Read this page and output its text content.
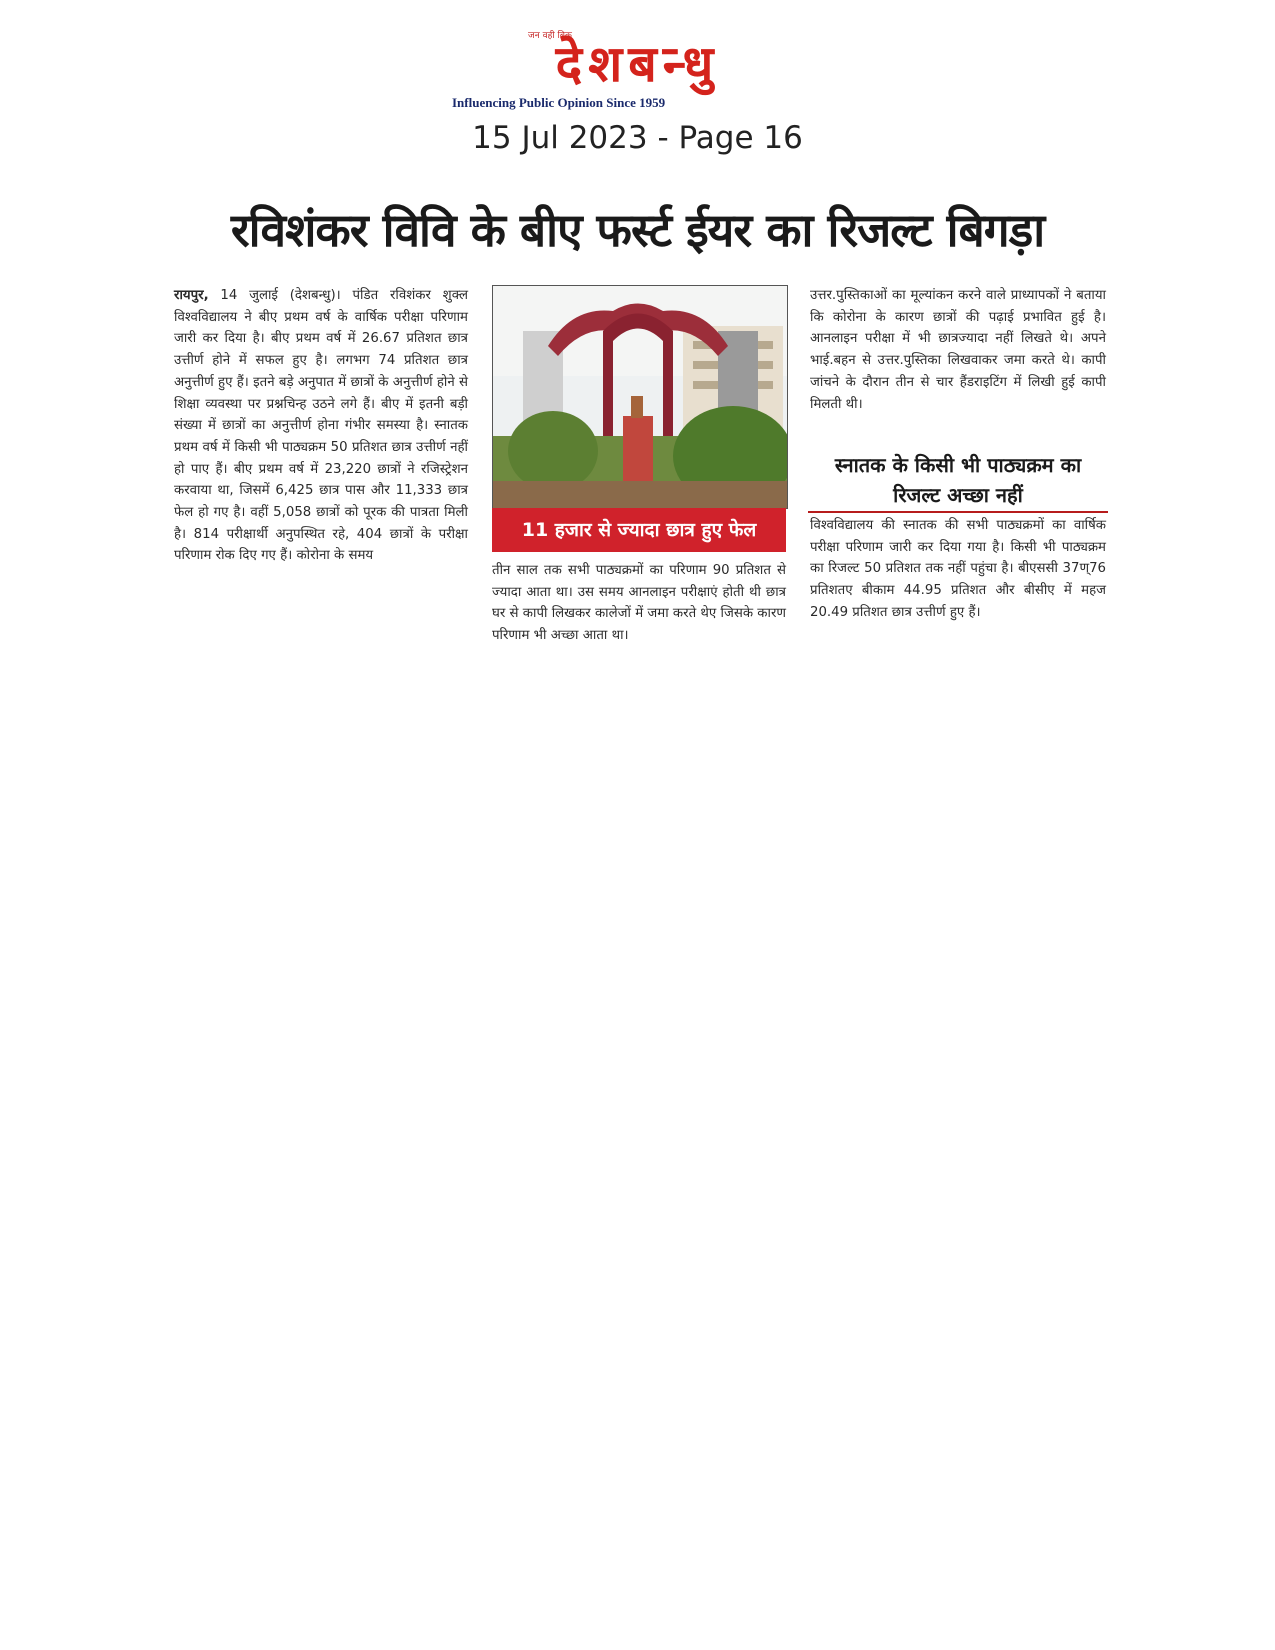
जन वही बिक
देशबन्धु
Influencing Public Opinion Since 1959
15 Jul 2023 - Page 16
रविशंकर विवि के बीए फर्स्ट ईयर का रिजल्ट बिगड़ा
रायपुर, 14 जुलाई (देशबन्धु)। पंडित रविशंकर शुक्ल विश्वविद्यालय ने बीए प्रथम वर्ष के वार्षिक परीक्षा परिणाम जारी कर दिया है। बीए प्रथम वर्ष में 26.67 प्रतिशत छात्र उत्तीर्ण होने में सफल हुए है। लगभग 74 प्रतिशत छात्र अनुत्तीर्ण हुए हैं। इतने बड़े अनुपात में छात्रों के अनुत्तीर्ण होने से शिक्षा व्यवस्था पर प्रश्नचिन्ह उठने लगे हैं। बीए में इतनी बड़ी संख्या में छात्रों का अनुत्तीर्ण होना गंभीर समस्या है। स्नातक प्रथम वर्ष में किसी भी पाठ्यक्रम 50 प्रतिशत छात्र उत्तीर्ण नहीं हो पाए हैं। बीए प्रथम वर्ष में 23,220 छात्रों ने रजिस्ट्रेशन करवाया था, जिसमें 6,425 छात्र पास और 11,333 छात्र फेल हो गए है। वहीं 5,058 छात्रों को पूरक की पात्रता मिली है। 814 परीक्षार्थी अनुपस्थित रहे, 404 छात्रों के परीक्षा परिणाम रोक दिए गए हैं। कोरोना के समय
11 हजार से ज्यादा छात्र हुए फेल
तीन साल तक सभी पाठ्यक्रमों का परिणाम 90 प्रतिशत से ज्यादा आता था। उस समय आनलाइन परीक्षाएं होती थी छात्र घर से कापी लिखकर कालेजों में जमा करते थेए जिसके कारण परिणाम भी अच्छा आता था।
उत्तर.पुस्तिकाओं का मूल्यांकन करने वाले प्राध्यापकों ने बताया कि कोरोना के कारण छात्रों की पढ़ाई प्रभावित हुई है। आनलाइन परीक्षा में भी छात्रज्यादा नहीं लिखते थे। अपने भाई.बहन से उत्तर.पुस्तिका लिखवाकर जमा करते थे। कापी जांचने के दौरान तीन से चार हैंडराइटिंग में लिखी हुई कापी मिलती थी।
स्नातक के किसी भी पाठ्यक्रम का रिजल्ट अच्छा नहीं
विश्वविद्यालय की स्नातक की सभी पाठ्यक्रमों का वार्षिक परीक्षा परिणाम जारी कर दिया गया है। किसी भी पाठ्यक्रम का रिजल्ट 50 प्रतिशत तक नहीं पहुंचा है। बीएससी 37ण्76 प्रतिशतए बीकाम 44.95 प्रतिशत और बीसीए में महज 20.49 प्रतिशत छात्र उत्तीर्ण हुए हैं।
